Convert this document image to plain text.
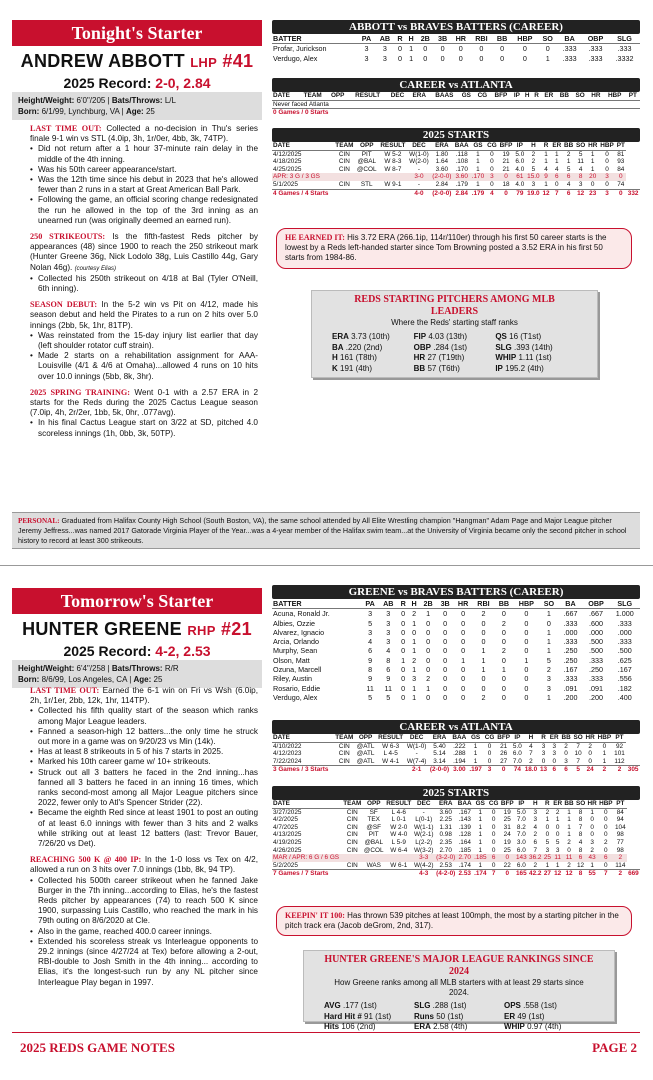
Tonight's Starter
ANDREW ABBOTT LHP #41
2025 Record: 2-0, 2.84
Height/Weight: 6'0"/205 | Bats/Throws: L/L
Born: 6/1/99, Lynchburg, VA | Age: 25

LAST TIME OUT: Collected a no-decision in Thu's series finale 9-1 win vs STL (4.0ip, 3h, 1r/0er, 4bb, 3k, 74TP).

• Did not return after a 1 hour 37-minute rain delay in the middle of the 4th inning.
• Was his 50th career appearance/start.
• Was the 12th time since his debut in 2023 that he's allowed fewer than 2 runs in a start at Great American Ball Park.
• Following the game, an official scoring change redesignated the run he allowed in the top of the 3rd inning as an unearned run (was originally deemed an earned run).

250 STRIKEOUTS: Is the fifth-fastest Reds pitcher by appearances (48) since 1900 to reach the 250 strikeout mark (Hunter Greene 36g, Nick Lodolo 38g, Luis Castillo 44g, Gary Nolan 46g). (courtesy Elias)

• Collected his 250th strikeout on 4/18 at Bal (Tyler O'Neill, 6th inning).

SEASON DEBUT: In the 5-2 win vs Pit on 4/12, made his season debut and held the Pirates to a run on 2 hits over 5.0 innings (2bb, 5k, 1hr, 81TP).

• Was reinstated from the 15-day injury list earlier that day (left shoulder rotator cuff strain).
• Made 2 starts on a rehabilitation assignment for AAA-Louisville (4/1 & 4/6 at Omaha)...allowed 4 runs on 10 hits over 10.0 innings (5bb, 8k, 3hr).

2025 SPRING TRAINING: Went 0-1 with a 2.57 ERA in 2 starts for the Reds during the 2025 Cactus League season (7.0ip, 4h, 2r/2er, 1bb, 5k, 0hr, .077avg).

• In his final Cactus League start on 3/22 at SD, pitched 4.0 scoreless innings (1h, 0bb, 3k, 50TP).
ABBOTT vs BRAVES BATTERS (CAREER)
BATTER	PA	AB	R	H	2B	3B	HR	RBI	BB	HBP	SO	BA	OBP	SLG
Profar, Jurickson	3	3	0	1	0	0	0	0	0	0	0	.333	.333	.333
Verdugo, Alex	3	3	0	1	0	0	0	0	0	0	1	.333	.333	.3332
CAREER vs ATLANTA
DATE	TEAM	OPP	RESULT	DEC	ERA	BAAS	GS	CG	BFP	IP	H	R	ER	BB	SO	HR	HBP	PT
Never faced Atlanta
0 Games / 0 Starts
2025 STARTS
DATE	TEAM	OPP	RESULT	DEC	ERA	BAA	GS	CG	BFP	IP	H	R	ER	BB	SO	HR	HBP	PT	
4/12/2025	CIN	PIT	W 5-2	W(1-0)	1.80	.118	1	0	19	5.0	2	1	1	2	5	1	0	81	
4/18/2025	CIN	@BAL	W 8-3	W(2-0)	1.64	.108	1	0	21	6.0	2	1	1	1	11	1	0	93	
4/25/2025	CIN	@COL	W 8-7	-	3.60	.170	1	0	21	4.0	5	4	4	5	4	1	0	84	
APR: 3 G / 3 GS				3-0	(2-0-0)	3.60	.170	3	0	61	15.0	9	6	6	8	20	3	0	
5/1/2025	CIN	STL	W 9-1	-	2.84	.179	1	0	18	4.0	3	1	0	4	3	0	0	74	
4 Games / 4 Starts				4-0	(2-0-0)	2.84	.179	4	0	79	19.0	12	7	6	12	23	3	0	332
HE EARNED IT: His 3.72 ERA (266.1ip, 114r/110er) through his first 50 career starts is the lowest by a Reds left-handed starter since Tom Browning posted a 3.52 ERA in his first 50 starts from 1984-86.
REDS STARTING PITCHERS AMONG MLB LEADERS
Where the Reds' starting staff ranks
ERA 3.73 (10th)	FIP 4.03 (13th)	QS 16 (T1st)
BA .220 (2nd)	OBP .284 (1st)	SLG .393 (14th)
H 161 (T8th)	HR 27 (T19th)	WHIP 1.11 (1st)
K 191 (4th)	BB 57 (T6th)	IP 195.2 (4th)
PERSONAL: Graduated from Halifax County High School (South Boston, VA), the same school attended by All Elite Wrestling champion "Hangman" Adam Page and Major League pitcher Jeremy Jeffress...was named 2017 Gatorade Virginia Player of the Year...was a 4-year member of the Halifax swim team...at the University of Virginia became only the second pitcher in school history to record at least 300 strikeouts.
Tomorrow's Starter
HUNTER GREENE RHP #21
2025 Record: 4-2, 2.53
Height/Weight: 6'4"/258 | Bats/Throws: R/R
Born: 8/6/99, Los Angeles, CA | Age: 25

LAST TIME OUT: Earned the 6-1 win on Fri vs Wsh (6.0ip, 2h, 1r/1er, 2bb, 12k, 1hr, 114TP).

• Collected his fifth quality start of the season which ranks among Major League leaders.
• Fanned a season-high 12 batters...the only time he struck out more in a game was on 9/20/23 vs Min (14k).
• Has at least 8 strikeouts in 5 of his 7 starts in 2025.
• Marked his 10th career game w/ 10+ strikeouts.
• Struck out all 3 batters he faced in the 2nd inning...has fanned all 3 batters he faced in an inning 16 times, which ranks second-most among all Major League pitchers since 2022, fewer only to Atl's Spencer Strider (22).
• Became the eighth Red since at least 1901 to post an outing of at least 6.0 innings with fewer than 3 hits and 2 walks while striking out at least 12 batters (last: Trevor Bauer, 7/26/20 vs Det).

REACHING 500 K @ 400 IP: In the 1-0 loss vs Tex on 4/2, allowed a run on 3 hits over 7.0 innings (1bb, 8k, 94 TP).

• Collected his 500th career strikeout when he fanned Jake Burger in the 7th inning...according to Elias, he's the fastest Reds pitcher by appearances (74) to reach 500 K since 1900, surpassing Luis Castillo, who reached the mark in his 79th outing on 8/6/2020 at Cle.
• Also in the game, reached 400.0 career innings.
• Extended his scoreless streak vs Interleague opponents to 29.2 innings (since 4/27/24 at Tex) before allowing a 2-out, RBI-double to Josh Smith in the 4th inning... according to Elias, it's the longest-such run by any NL pitcher since Interleague Play began in 1997.
GREENE vs BRAVES BATTERS (CAREER)
BATTER	PA	AB	R	H	2B	3B	HR	RBI	BB	HBP	SO	BA	OBP	SLG
Acuna, Ronald Jr.	3	3	0	2	1	0	0	2	0	0	1	.667	.667	1.000
Albies, Ozzie	5	3	0	1	0	0	0	0	2	0	0	.333	.600	.333
Alvarez, Ignacio	3	3	0	0	0	0	0	0	0	0	1	.000	.000	.000
Arcia, Orlando	4	3	0	1	0	0	0	0	0	0	1	.333	.500	.333
Murphy, Sean	6	4	0	1	0	0	0	1	2	0	1	.250	.500	.500
Olson, Matt	9	8	1	2	0	0	1	1	0	1	5	.250	.333	.625
Ozuna, Marcell	8	6	0	1	0	0	0	1	1	0	2	.167	.250	.167
Riley, Austin	9	9	0	3	2	0	0	0	0	0	3	.333	.333	.556
Rosario, Eddie	11	11	0	1	1	0	0	0	0	0	3	.091	.091	.182
Verdugo, Alex	5	5	0	1	0	0	0	2	0	0	1	.200	.200	.400
CAREER vs ATLANTA
DATE	TEAM	OPP	RESULT	DEC	ERA	BAA	GS	CG	BFP	IP	H	R	ER	BB	SO	HR	HBP	PT	
4/10/2022	CIN	@ATL	W 6-3	W(1-0)	5.40	.222	1	0	21	5.0	4	3	3	2	7	2	0	92	
4/12/2023	CIN	@ATL	L 4-5	-	5.14	.288	1	0	26	6.0	7	3	3	0	10	0	1	101	
7/22/2024	CIN	@ATL	W 4-1	W(7-4)	3.14	.194	1	0	27	7.0	2	0	0	3	7	0	1	112	
3 Games / 3 Starts				2-1	(2-0-0)	3.00	.197	3	0	74	18.0	13	6	6	5	24	2	2	305
2025 STARTS
DATE	TEAM	OPP	RESULT	DEC	ERA	BAA	GS	CG	BFP	IP	H	R	ER	BB	SO	HR	HBP	PT	
3/27/2025	CIN	SF	L 4-6	-	3.60	.167	1	0	19	5.0	3	2	2	1	8	1	0	84	
4/2/2025	CIN	TEX	L 0-1	L(0-1)	2.25	.143	1	0	25	7.0	3	1	1	1	8	0	0	94	
4/7/2025	CIN	@SF	W 2-0	W(1-1)	1.31	.139	1	0	31	8.2	4	0	0	1	7	0	0	104	
4/13/2025	CIN	PIT	W 4-0	W(2-1)	0.98	.128	1	0	24	7.0	2	0	0	1	8	0	0	98	
4/19/2025	CIN	@BAL	L 5-9	L(2-2)	2.35	.164	1	0	19	3.0	6	5	5	2	4	3	2	77	
4/26/2025	CIN	@COL	W 6-4	W(3-2)	2.70	.185	1	0	25	6.0	7	3	3	0	8	2	0	98	
MAR / APR: 6 G / 6 GS				3-3	(3-2-0)	2.70	.185	6	0	143	36.2	25	11	11	6	43	6	2	
5/2/2025	CIN	WAS	W 6-1	W(4-2)	2.53	.174	1	0	22	6.0	2	1	1	2	12	1	0	114	
7 Games / 7 Starts				4-3	(4-2-0)	2.53	.174	7	0	165	42.2	27	12	12	8	55	7	2	669
KEEPIN' IT 100: Has thrown 539 pitches at least 100mph, the most by a starting pitcher in the pitch track era (Jacob deGrom, 2nd, 317).
HUNTER GREENE'S MAJOR LEAGUE RANKINGS SINCE 2024
How Greene ranks among all MLB starters with at least 29 starts since 2024.
AVG .177 (1st)	SLG .288 (1st)	OPS .558 (1st)
Hard Hit # 91 (1st)	Runs 50 (1st)	ER 49 (1st)
Hits 106 (2nd)	ERA 2.58 (4th)	WHIP 0.97 (4th)
2025 REDS GAME NOTES	PAGE 2
